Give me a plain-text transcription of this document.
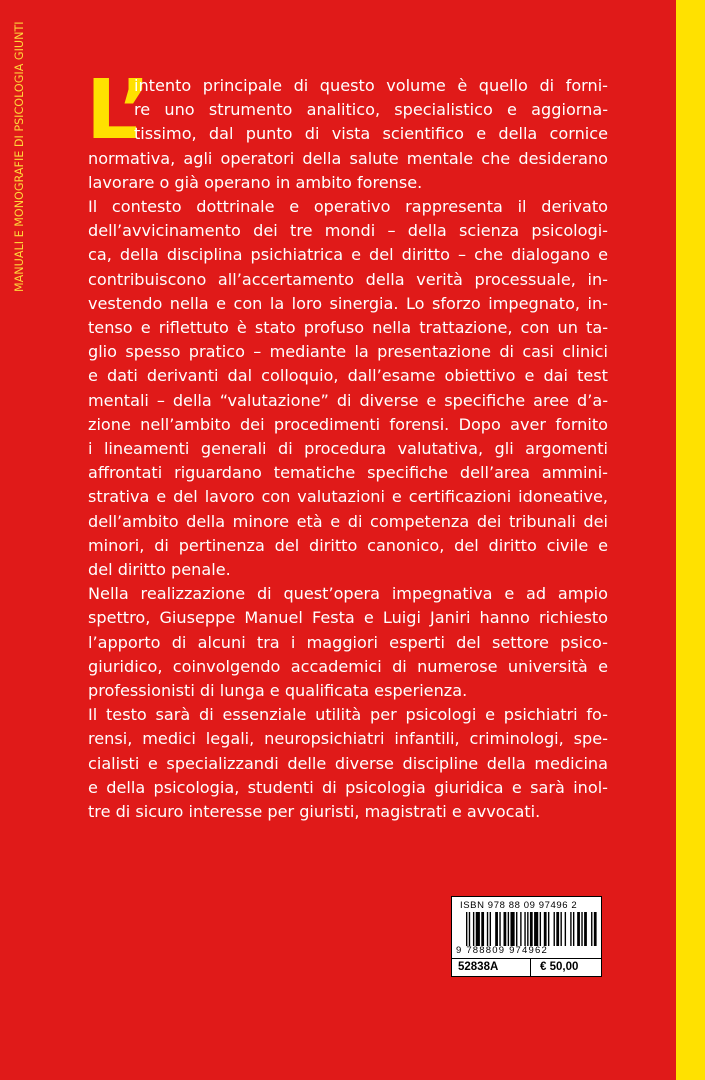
MANUALI E MONOGRAFIE DI PSICOLOGIA GIUNTI L’
intento principale di questo volume è quello di forni-
re uno strumento analitico, specialistico e aggiorna-
tissimo, dal punto di vista scientifico e della cornice
normativa, agli operatori della salute mentale che desiderano
lavorare o già operano in ambito forense.
Il contesto dottrinale e operativo rappresenta il derivato
dell’avvicinamento dei tre mondi – della scienza psicologi-
ca, della disciplina psichiatrica e del diritto – che dialogano e
contribuiscono all’accertamento della verità processuale, in-
vestendo nella e con la loro sinergia. Lo sforzo impegnato, in-
tenso e riflettuto è stato profuso nella trattazione, con un ta-
glio spesso pratico – mediante la presentazione di casi clinici
e dati derivanti dal colloquio, dall’esame obiettivo e dai test
mentali – della “valutazione” di diverse e specifiche aree d’a-
zione nell’ambito dei procedimenti forensi. Dopo aver fornito
i lineamenti generali di procedura valutativa, gli argomenti
affrontati riguardano tematiche specifiche dell’area ammini-
strativa e del lavoro con valutazioni e certificazioni idoneative,
dell’ambito della minore età e di competenza dei tribunali dei
minori, di pertinenza del diritto canonico, del diritto civile e
del diritto penale.
Nella realizzazione di quest’opera impegnativa e ad ampio
spettro, Giuseppe Manuel Festa e Luigi Janiri hanno richiesto
l’apporto di alcuni tra i maggiori esperti del settore psico-
giuridico, coinvolgendo accademici di numerose università e
professionisti di lunga e qualificata esperienza.
Il testo sarà di essenziale utilità per psicologi e psichiatri fo-
rensi, medici legali, neuropsichiatri infantili, criminologi, spe-
cialisti e specializzandi delle diverse discipline della medicina
e della psicologia, studenti di psicologia giuridica e sarà inol-
tre di sicuro interesse per giuristi, magistrati e avvocati.
ISBN 978 88 09 97496 2
9 788809 974962
52838A	€ 50,00
